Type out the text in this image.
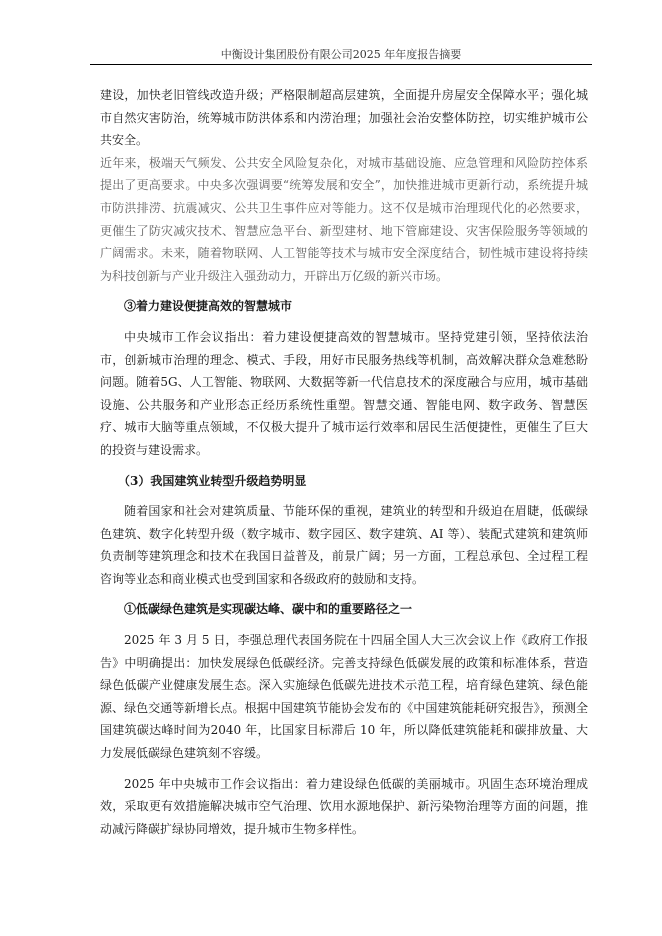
中衡设计集团股份有限公司2025 年年度报告摘要

建设，加快老旧管线改造升级；严格限制超高层建筑，全面提升房屋安全保障水平；强化城市自然灾害防治，统筹城市防洪体系和内涝治理；加强社会治安整体防控，切实维护城市公共安全。

近年来，极端天气频发、公共安全风险复杂化，对城市基础设施、应急管理和风险防控体系提出了更高要求。中央多次强调要“统筹发展和安全”，加快推进城市更新行动，系统提升城市防洪排涝、抗震减灾、公共卫生事件应对等能力。这不仅是城市治理现代化的必然要求，更催生了防灾减灾技术、智慧应急平台、新型建材、地下管廊建设、灾害保险服务等领域的广阔需求。未来，随着物联网、人工智能等技术与城市安全深度结合，韧性城市建设将持续为科技创新与产业升级注入强劲动力，开辟出万亿级的新兴市场。

③着力建设便捷高效的智慧城市

中央城市工作会议指出：着力建设便捷高效的智慧城市。坚持党建引领，坚持依法治市，创新城市治理的理念、模式、手段，用好市民服务热线等机制，高效解决群众急难愁盼问题。随着5G、人工智能、物联网、大数据等新一代信息技术的深度融合与应用，城市基础设施、公共服务和产业形态正经历系统性重塑。智慧交通、智能电网、数字政务、智慧医疗、城市大脑等重点领域，不仅极大提升了城市运行效率和居民生活便捷性，更催生了巨大的投资与建设需求。

（3）我国建筑业转型升级趋势明显

随着国家和社会对建筑质量、节能环保的重视，建筑业的转型和升级迫在眉睫，低碳绿色建筑、数字化转型升级（数字城市、数字园区、数字建筑、AI 等）、装配式建筑和建筑师负责制等建筑理念和技术在我国日益普及，前景广阔；另一方面，工程总承包、全过程工程咨询等业态和商业模式也受到国家和各级政府的鼓励和支持。

①低碳绿色建筑是实现碳达峰、碳中和的重要路径之一

2025 年 3 月 5 日，李强总理代表国务院在十四届全国人大三次会议上作《政府工作报告》中明确提出：加快发展绿色低碳经济。完善支持绿色低碳发展的政策和标准体系，营造绿色低碳产业健康发展生态。深入实施绿色低碳先进技术示范工程，培育绿色建筑、绿色能源、绿色交通等新增长点。根据中国建筑节能协会发布的《中国建筑能耗研究报告》，预测全国建筑碳达峰时间为2040 年，比国家目标滞后 10 年，所以降低建筑能耗和碳排放量、大力发展低碳绿色建筑刻不容缓。

2025 年中央城市工作会议指出：着力建设绿色低碳的美丽城市。巩固生态环境治理成效，采取更有效措施解决城市空气治理、饮用水源地保护、新污染物治理等方面的问题，推动减污降碳扩绿协同增效，提升城市生物多样性。
